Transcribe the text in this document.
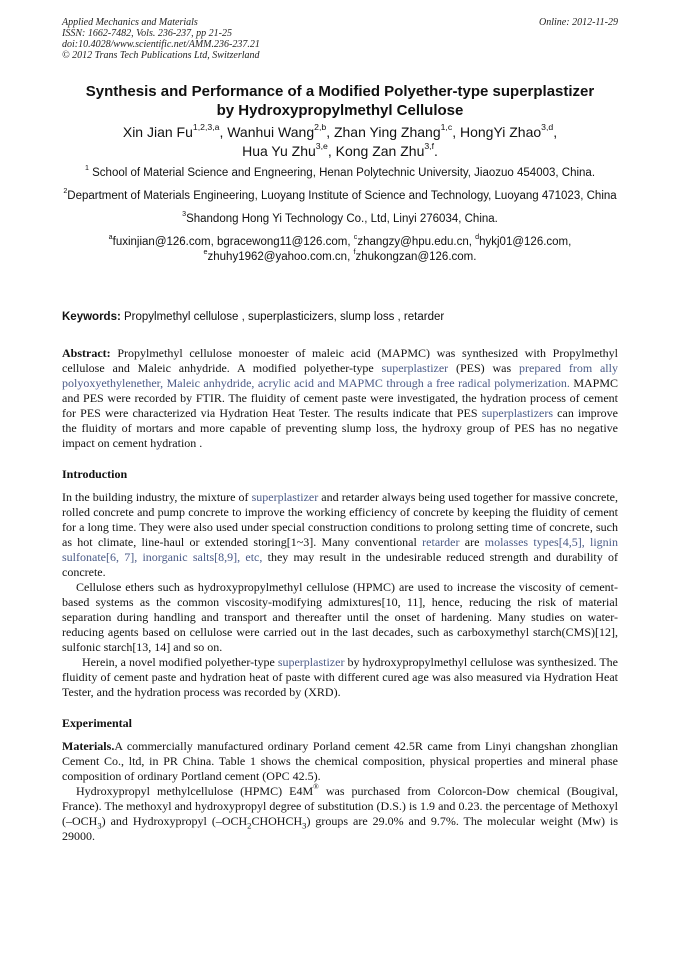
Applied Mechanics and Materials
ISSN: 1662-7482, Vols. 236-237, pp 21-25
doi:10.4028/www.scientific.net/AMM.236-237.21
© 2012 Trans Tech Publications Ltd, Switzerland
Online: 2012-11-29
Synthesis and Performance of a Modified Polyether-type superplastizer
by Hydroxypropylmethyl Cellulose
Xin Jian Fu$^{1,2,3,a}$, Wanhui Wang$^{2,b}$, Zhan Ying Zhang$^{1,c}$, HongYi Zhao$^{3,d}$,
Hua Yu Zhu$^{3,e}$, Kong Zan Zhu$^{3,f}$.

$^1$ School of Material Science and Engneering, Henan Polytechnic University, Jiaozuo 454003, China.

$^2$Department of Materials Engineering, Luoyang Institute of Science and Technology, Luoyang 471023, China

$^3$Shandong Hong Yi Technology Co., Ltd, Linyi 276034, China.

$^a$fuxinjian@126.com, bgracewong11@126.com, $^c$zhangzy@hpu.edu.cn, $^d$hykj01@126.com,
$^e$zhuhy1962@yahoo.com.cn, $^f$zhukongzan@126.com.

Keywords: Propylmethyl cellulose , superplasticizers, slump loss , retarder

Abstract: Propylmethyl cellulose monoester of maleic acid (MAPMC) was synthesized with Propylmethyl cellulose and Maleic anhydride. A modified polyether-type superplastizer (PES) was prepared from ally polyoxyethylenether, Maleic anhydride, acrylic acid and MAPMC through a free radical polymerization. MAPMC and PES were recorded by FTIR. The fluidity of cement paste were investigated, the hydration process of cement for PES were characterized via Hydration Heat Tester. The results indicate that PES superplastizers can improve the fluidity of mortars and more capable of preventing slump loss, the hydroxy group of PES has no negative impact on cement hydration .

Introduction

In the building industry, the mixture of superplastizer and retarder always being used together for massive concrete, rolled concrete and pump concrete to improve the working efficiency of concrete by keeping the fluidity of cement for a long time. They were also used under special construction conditions to prolong setting time of concrete, such as hot climate, line-haul or extended storing[1~3]. Many conventional retarder are molasses types[4,5], lignin sulfonate[6, 7], inorganic salts[8,9], etc, they may result in the undesirable reduced strength and durability of concrete.

Cellulose ethers such as hydroxypropylmethyl cellulose (HPMC) are used to increase the viscosity of cement-based systems as the common viscosity-modifying admixtures[10, 11], hence, reducing the risk of material separation during handling and transport and thereafter until the onset of hardening. Many studies on water-reducing agents based on cellulose were carried out in the last decades, such as carboxymethyl starch(CMS)[12], sulfonic starch[13, 14] and so on.

Herein, a novel modified polyether-type superplastizer by hydroxypropylmethyl cellulose was synthesized. The fluidity of cement paste and hydration heat of paste with different cured age was also measured via Hydration Heat Tester, and the hydration process was recorded by (XRD).

Experimental

Materials.A commercially manufactured ordinary Porland cement 42.5R came from Linyi changshan zhonglian Cement Co., ltd, in PR China. Table 1 shows the chemical composition, physical properties and mineral phase composition of ordinary Portland cement (OPC 42.5).

Hydroxypropyl methylcellulose (HPMC) E4M® was purchased from Colorcon-Dow chemical (Bougival, France). The methoxyl and hydroxypropyl degree of substitution (D.S.) is 1.9 and 0.23. the percentage of Methoxyl $(-OCH_3)$ and Hydroxypropyl $(-OCH_2CHOHCH_3)$ groups are 29.0% and 9.7%. The molecular weight (Mw) is 29000.
